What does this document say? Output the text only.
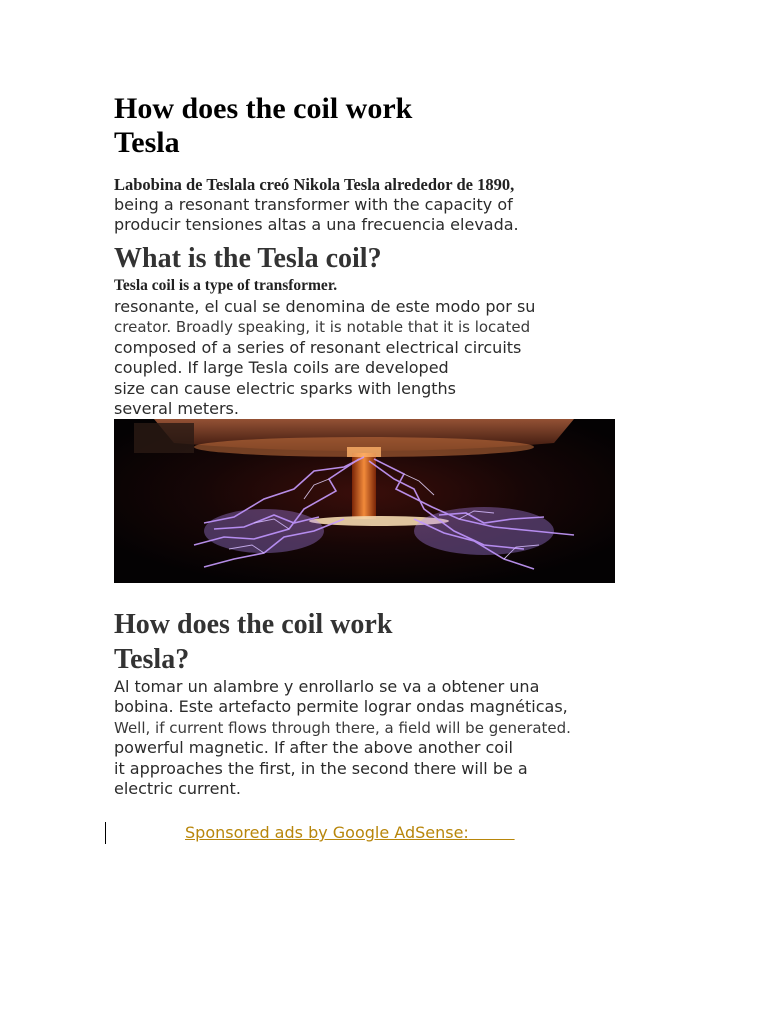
How does the coil work
Tesla
Labobina de Teslala creó Nikola Tesla alrededor de 1890,
being a resonant transformer with the capacity of
producir tensiones altas a una frecuencia elevada.
What is the Tesla coil?
Tesla coil is a type of transformer.
resonante, el cual se denomina de este modo por su
creator. Broadly speaking, it is notable that it is located
composed of a series of resonant electrical circuits
coupled. If large Tesla coils are developed
size can cause electric sparks with lengths
several meters.
How does the coil work
Tesla?
Al tomar un alambre y enrollarlo se va a obtener una
bobina. Este artefacto permite lograr ondas magnéticas,
Well, if current flows through there, a field will be generated.
powerful magnetic. If after the above another coil
it approaches the first, in the second there will be a
electric current.
Sponsored ads by Google AdSense:
